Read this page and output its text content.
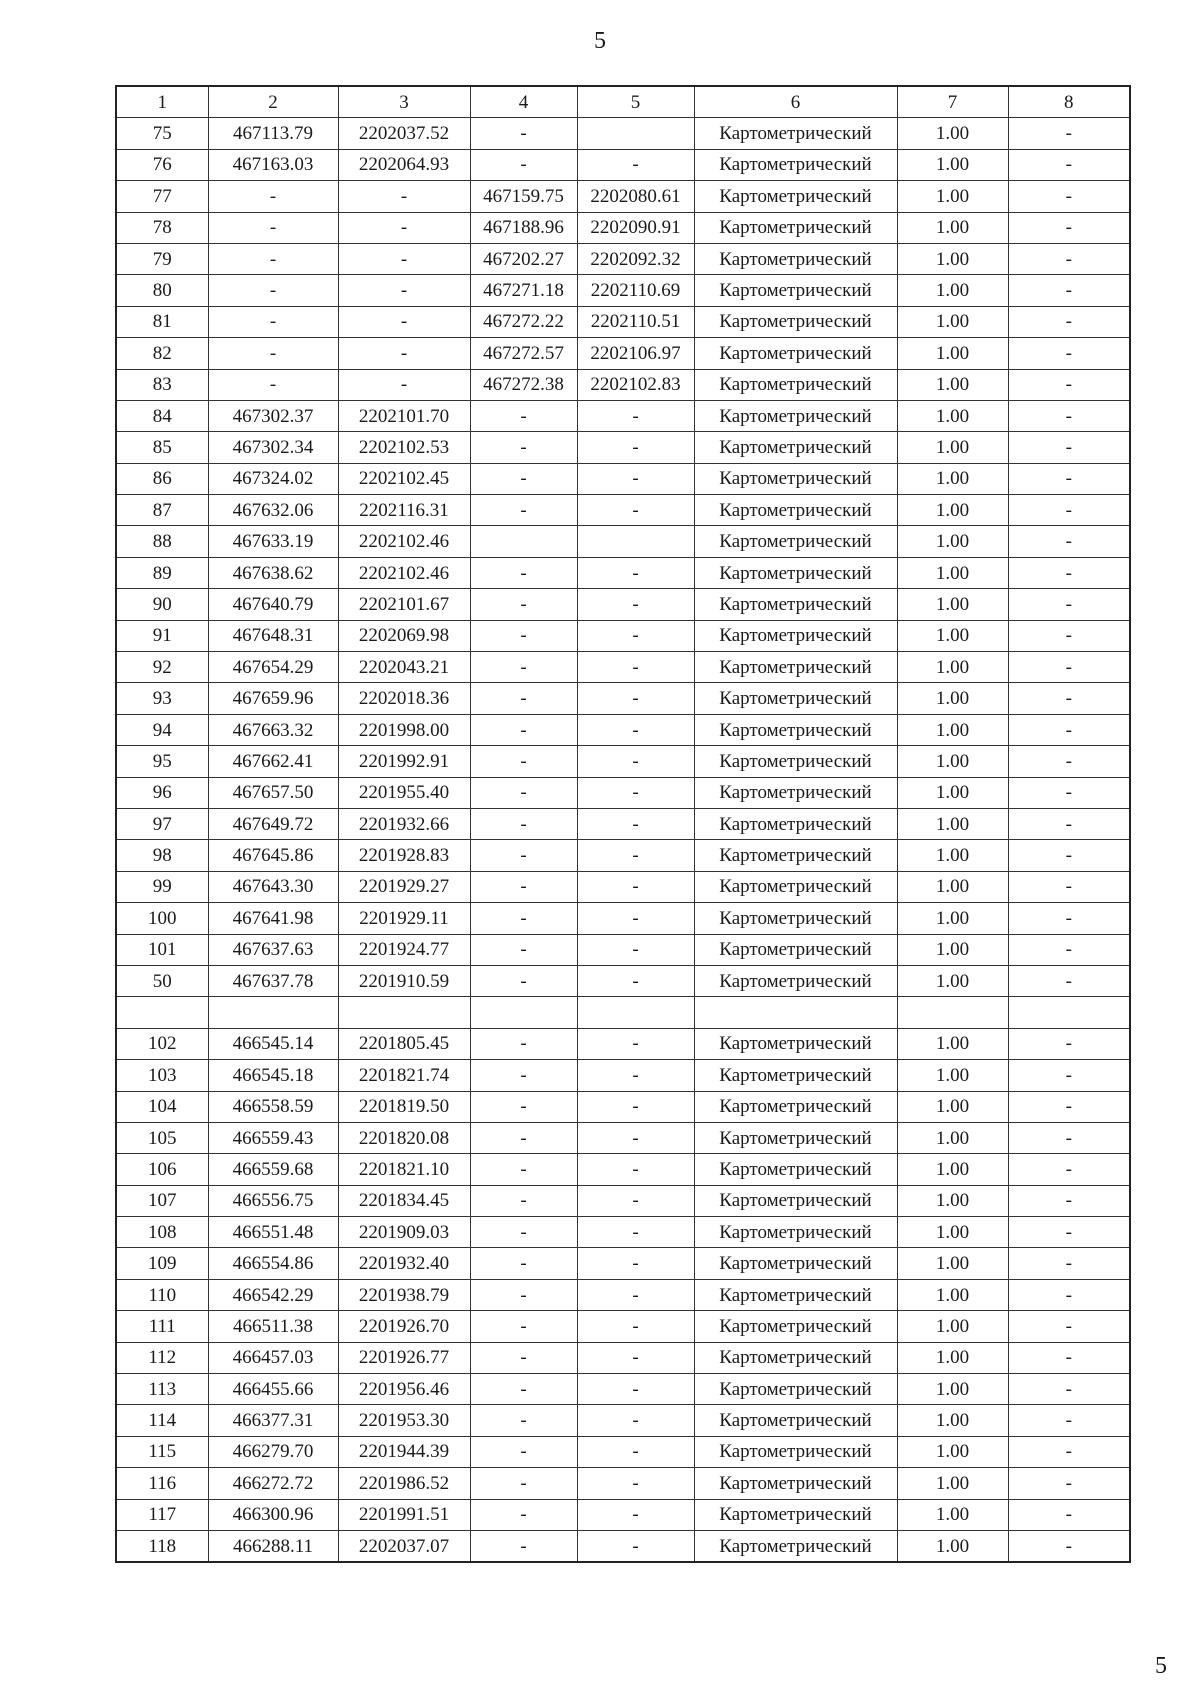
5
1	2	3	4	5	6	7	8
75	467113.79	2202037.52	-		Картометрический	1.00	-
76	467163.03	2202064.93	-	-	Картометрический	1.00	-
77	-	-	467159.75	2202080.61	Картометрический	1.00	-
78	-	-	467188.96	2202090.91	Картометрический	1.00	-
79	-	-	467202.27	2202092.32	Картометрический	1.00	-
80	-	-	467271.18	2202110.69	Картометрический	1.00	-
81	-	-	467272.22	2202110.51	Картометрический	1.00	-
82	-	-	467272.57	2202106.97	Картометрический	1.00	-
83	-	-	467272.38	2202102.83	Картометрический	1.00	-
84	467302.37	2202101.70	-	-	Картометрический	1.00	-
85	467302.34	2202102.53	-	-	Картометрический	1.00	-
86	467324.02	2202102.45	-	-	Картометрический	1.00	-
87	467632.06	2202116.31	-	-	Картометрический	1.00	-
88	467633.19	2202102.46			Картометрический	1.00	-
89	467638.62	2202102.46	-	-	Картометрический	1.00	-
90	467640.79	2202101.67	-	-	Картометрический	1.00	-
91	467648.31	2202069.98	-	-	Картометрический	1.00	-
92	467654.29	2202043.21	-	-	Картометрический	1.00	-
93	467659.96	2202018.36	-	-	Картометрический	1.00	-
94	467663.32	2201998.00	-	-	Картометрический	1.00	-
95	467662.41	2201992.91	-	-	Картометрический	1.00	-
96	467657.50	2201955.40	-	-	Картометрический	1.00	-
97	467649.72	2201932.66	-	-	Картометрический	1.00	-
98	467645.86	2201928.83	-	-	Картометрический	1.00	-
99	467643.30	2201929.27	-	-	Картометрический	1.00	-
100	467641.98	2201929.11	-	-	Картометрический	1.00	-
101	467637.63	2201924.77	-	-	Картометрический	1.00	-
50	467637.78	2201910.59	-	-	Картометрический	1.00	-

102	466545.14	2201805.45	-	-	Картометрический	1.00	-
103	466545.18	2201821.74	-	-	Картометрический	1.00	-
104	466558.59	2201819.50	-	-	Картометрический	1.00	-
105	466559.43	2201820.08	-	-	Картометрический	1.00	-
106	466559.68	2201821.10	-	-	Картометрический	1.00	-
107	466556.75	2201834.45	-	-	Картометрический	1.00	-
108	466551.48	2201909.03	-	-	Картометрический	1.00	-
109	466554.86	2201932.40	-	-	Картометрический	1.00	-
110	466542.29	2201938.79	-	-	Картометрический	1.00	-
111	466511.38	2201926.70	-	-	Картометрический	1.00	-
112	466457.03	2201926.77	-	-	Картометрический	1.00	-
113	466455.66	2201956.46	-	-	Картометрический	1.00	-
114	466377.31	2201953.30	-	-	Картометрический	1.00	-
115	466279.70	2201944.39	-	-	Картометрический	1.00	-
116	466272.72	2201986.52	-	-	Картометрический	1.00	-
117	466300.96	2201991.51	-	-	Картометрический	1.00	-
118	466288.11	2202037.07	-	-	Картометрический	1.00	-
5
